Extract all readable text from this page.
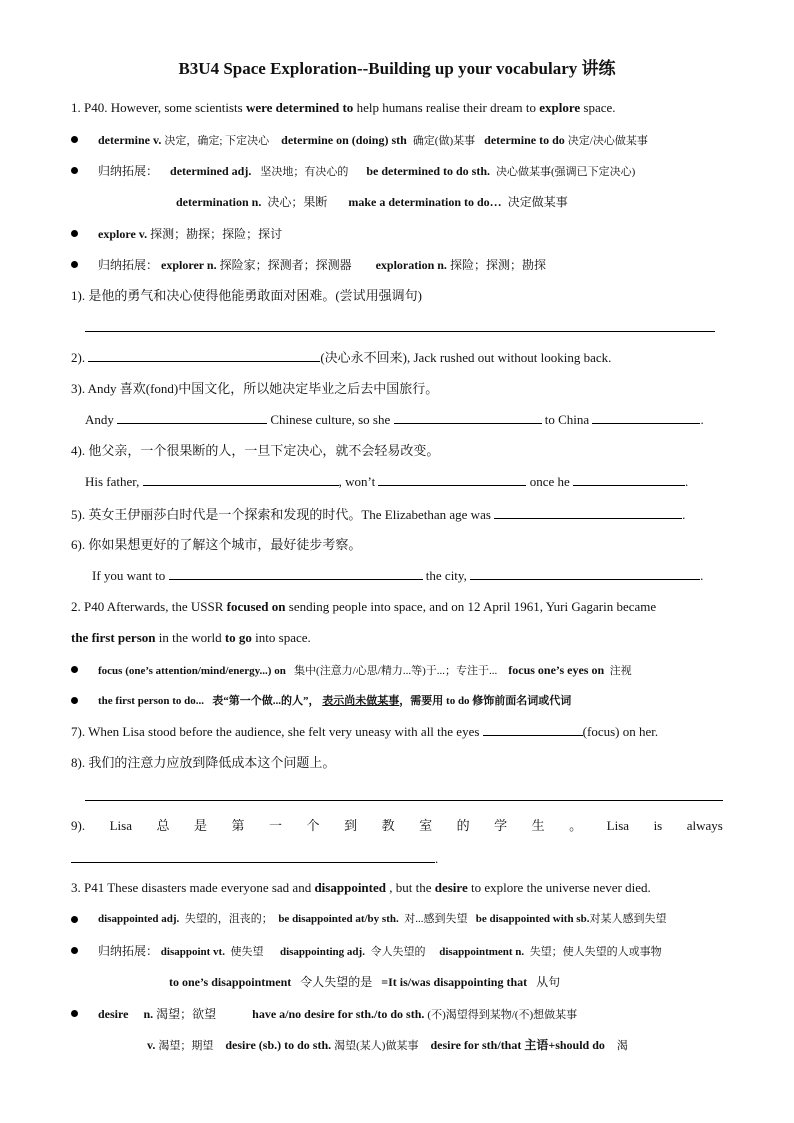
B3U4 Space Exploration--Building up your vocabulary 讲练
1. P40. However, some scientists were determined to help humans realise their dream to explore space.
determine v. 决定，确定; 下定决心 determine on (doing) sth 确定(做)某事 determine to do 决定/决心做某事
归纳拓展： determined adj. 坚决地；有决心的 be determined to do sth. 决心做某事(强调已下定决心)
determination n. 决心；果断 make a determination to do… 决定做某事
explore v. 探测；勘探；探险；探讨
归纳拓展： explorer n. 探险家；探测者；探测器 exploration n. 探险；探测；勘探
1). 是他的勇气和决心使得他能勇敢面对困难。(尝试用强调句)
2).	(决心永不回来), Jack rushed out without looking back.
3). Andy 喜欢(fond)中国文化，所以她决定毕业之后去中国旅行。
Andy	Chinese culture, so she	to China	.
4). 他父亲，一个很果断的人，一旦下定决心，就不会轻易改变。
His father,	, won’t	once he	.
5). 英女王伊丽莎白时代是一个探索和发现的时代。The Elizabethan age was	.
6). 你如果想更好的了解这个城市，最好徒步考察。
If you want to	the city,	.
2. P40 Afterwards, the USSR focused on sending people into space, and on 12 April 1961, Yuri Gagarin became
the first person in the world to go into space.
focus (one’s attention/mind/energy...) on 集中(注意力/心思/精力...等)于...；专注于... focus one’s eyes on 注视
the first person to do... 表“第一个做...的人”， 表示尚未做某事，需要用 to do 修饰前面名词或代词
7). When Lisa stood before the audience, she felt very uneasy with all the eyes	(focus) on her.
8). 我们的注意力应放到降低成本这个问题上。
9). Lisa 总 是 第 一 个 到 教 室 的 学 生 。 Lisa is always
.
3. P41 These disasters made everyone sad and disappointed , but the desire to explore the universe never died.
disappointed adj. 失望的，沮丧的； be disappointed at/by sth. 对...感到失望 be disappointed with sb.对某人感到失望
归纳拓展： disappoint vt. 使失望 disappointing adj. 令人失望的 disappointment n. 失望；使人失望的人或事物
to one’s disappointment 令人失望的是 =It is/was disappointing that 从句
desire n. 渴望；欲望	have a/no desire for sth./to do sth. (不)渴望得到某物/(不)想做某事
v. 渴望；期望 desire (sb.) to do sth. 渴望(某人)做某事 desire for sth/that 主语+should do 渴
